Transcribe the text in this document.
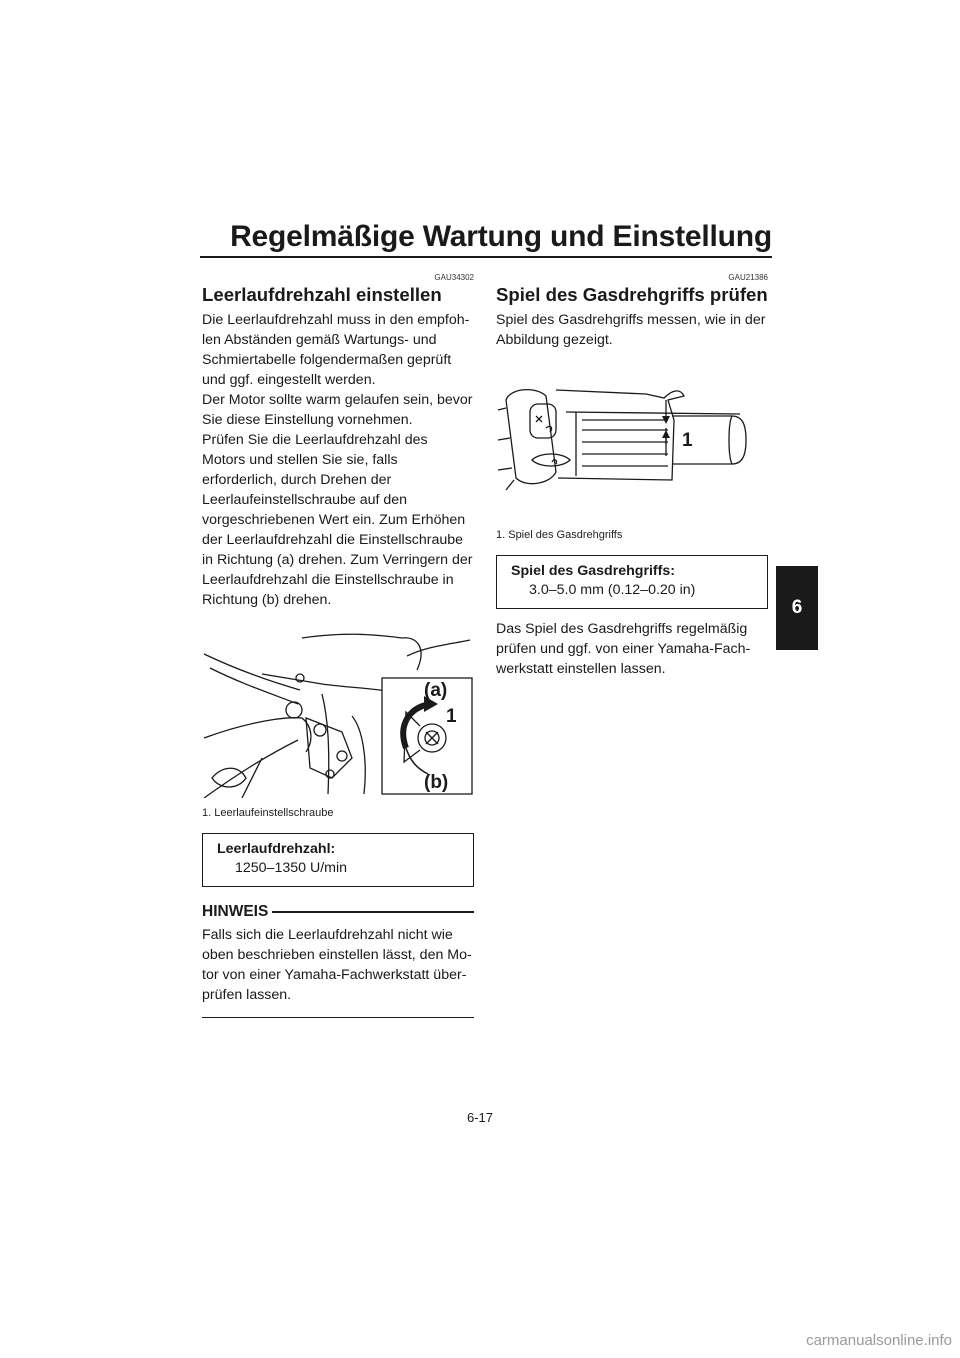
Regelmäßige Wartung und Einstellung
6
GAU34302
Leerlaufdrehzahl einstellen

Die Leerlaufdrehzahl muss in den empfohlen Abständen gemäß Wartungs- und Schmiertabelle folgendermaßen geprüft und ggf. eingestellt werden.

Der Motor sollte warm gelaufen sein, bevor Sie diese Einstellung vornehmen.

Prüfen Sie die Leerlaufdrehzahl des Motors und stellen Sie sie, falls erforderlich, durch Drehen der Leerlaufeinstellschraube auf den vorgeschriebenen Wert ein. Zum Erhöhen der Leerlaufdrehzahl die Einstellschraube in Richtung (a) drehen. Zum Verringern der Leerlaufdrehzahl die Einstellschraube in Richtung (b) drehen.

(a)
1
(b)

1. Leerlaufeinstellschraube

Leerlaufdrehzahl:
1250–1350 U/min
HINWEIS

Falls sich die Leerlaufdrehzahl nicht wie oben beschrieben einstellen lässt, den Motor von einer Yamaha-Fachwerkstatt überprüfen lassen.

GAU21386
Spiel des Gasdrehgriffs prüfen

Spiel des Gasdrehgriffs messen, wie in der Abbildung gezeigt.

1

1. Spiel des Gasdrehgriffs

Spiel des Gasdrehgriffs:
3.0–5.0 mm (0.12–0.20 in)

Das Spiel des Gasdrehgriffs regelmäßig prüfen und ggf. von einer Yamaha-Fachwerkstatt einstellen lassen.

6-17
carmanualsonline.info
